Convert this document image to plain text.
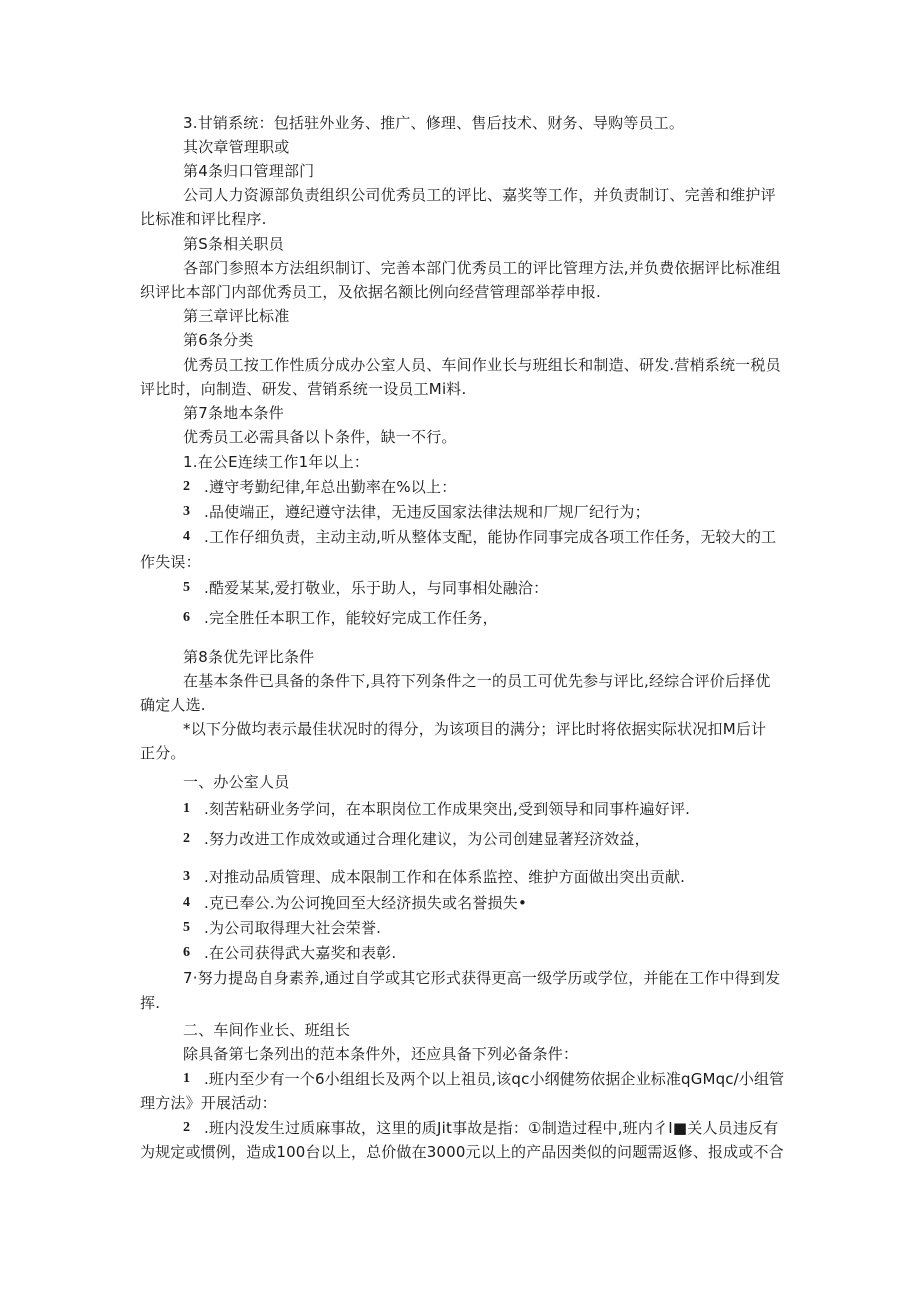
3.甘销系统：包括驻外业务、推广、修理、售后技术、财务、导购等员工。
其次章管理职或
第4条归口管理部门
公司人力资源部负责组织公司优秀员工的评比、嘉奖等工作，并负责制订、完善和维护评
比标准和评比程序.
第S条相关职员
各部门参照本方法组织制订、完善本部门优秀员工的评比管理方法,并负费依据评比标准组
织评比本部门内部优秀员工，及依据名额比例向经营管理部举荐申报.
第三章评比标准
第6条分类
优秀员工按工作性质分成办公室人员、车间作业长与班组长和制造、研发.营梢系统一税员
评比时，向制造、研发、营销系统一设员工Mi料.
第7条地本条件
优秀员工必需具备以卜条件，缺一不行。
1.在公E连续工作1年以上：
2 .遵守考勤纪律,年总出勤率在%以上：
3 .品使端正，遵纪遵守法律，无违反国家法律法规和厂规厂纪行为；
4 .工作仔细负责，主动主动,听从整体支配，能协作同事完成各项工作任务，无较大的工
作失误：
5 .酷爱某某,爱打敬业，乐于助人，与同事相处融洽：
6 .完全胜任本职工作，能较好完成工作任务，
第8条优先评比条件
在基本条件已具备的条件下,具符下列条件之一的员工可优先参与评比,经综合评价后择优
确定人选.
*以下分做均表示最佳状况时的得分，为该项目的满分；评比时将依据实际状况扣M后计
正分。
一、办公室人员
1 .刻苦粘研业务学问，在本职岗位工作成果突出,受到领导和同事杵遍好评.
2 .努力改进工作成效或通过合理化建议，为公司创建显著羟济效益，
3 .对推动品质管理、成本限制工作和在体系监控、维护方面做出突出贡献.
4 .克已奉公.为公诃挽回至大经济损失或名誉损失•
5 .为公司取得理大社会荣誉.
6 .在公司获得武大嘉奖和表彰.
7·努力提岛自身素养,通过自学或其它形式获得更高一级学历或学位，并能在工作中得到发
挥.
二、车间作业长、班组长
除具备第七条列出的范本条件外，还应具备下列必备条件：
1 .班内至少有一个6小组组长及两个以上祖员,该qc小纲健笏依据企业标准qGMqc/小组管
理方法》开展活动：
2 .班内没发生过质麻事故，这里的质Jit事故是指：①制造过程中,班内彳I■关人员违反有
为规定或惯例，造成100台以上，总价做在3000元以上的产品因类似的问题需返修、报成或不合
